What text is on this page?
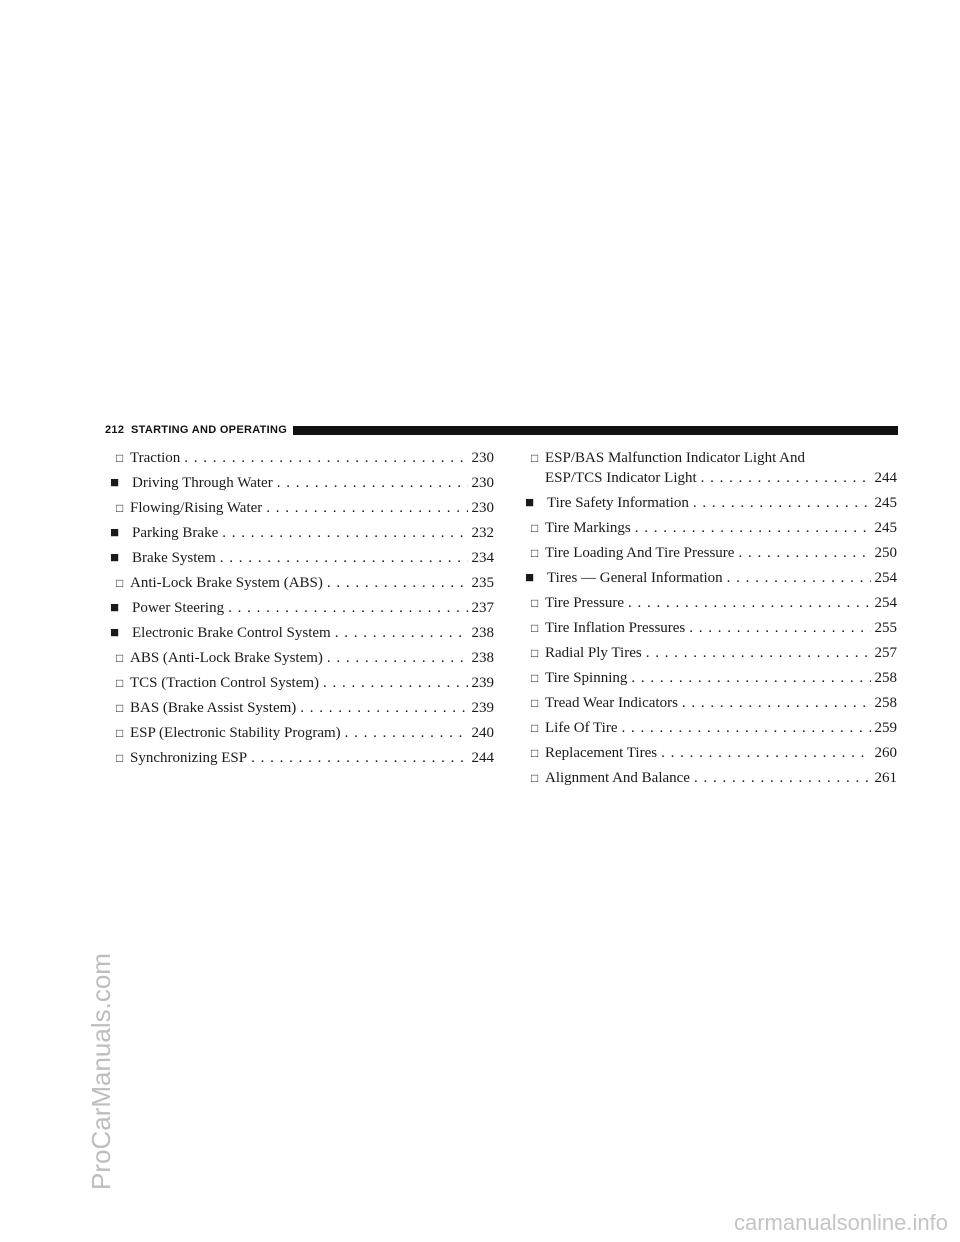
212 STARTING AND OPERATING
□ Traction . . .	230
■ Driving Through Water . . .	230
□ Flowing/Rising Water . . .	230
■ Parking Brake . . .	232
■ Brake System . . .	234
□ Anti-Lock Brake System (ABS) . . .	235
■ Power Steering . . .	237
■ Electronic Brake Control System . . .	238
□ ABS (Anti-Lock Brake System) . . .	238
□ TCS (Traction Control System) . . .	239
□ BAS (Brake Assist System) . . .	239
□ ESP (Electronic Stability Program) . . .	240
□ Synchronizing ESP . . .	244
□ ESP/BAS Malfunction Indicator Light And
ESP/TCS Indicator Light . . .	244
■ Tire Safety Information . . .	245
□ Tire Markings . . .	245
□ Tire Loading And Tire Pressure . . .	250
■ Tires — General Information . . .	254
□ Tire Pressure . . .	254
□ Tire Inflation Pressures . . .	255
□ Radial Ply Tires . . .	257
□ Tire Spinning . . .	258
□ Tread Wear Indicators . . .	258
□ Life Of Tire . . .	259
□ Replacement Tires . . .	260
□ Alignment And Balance . . .	261
ProCarManuals.com
carmanualsonline.info
